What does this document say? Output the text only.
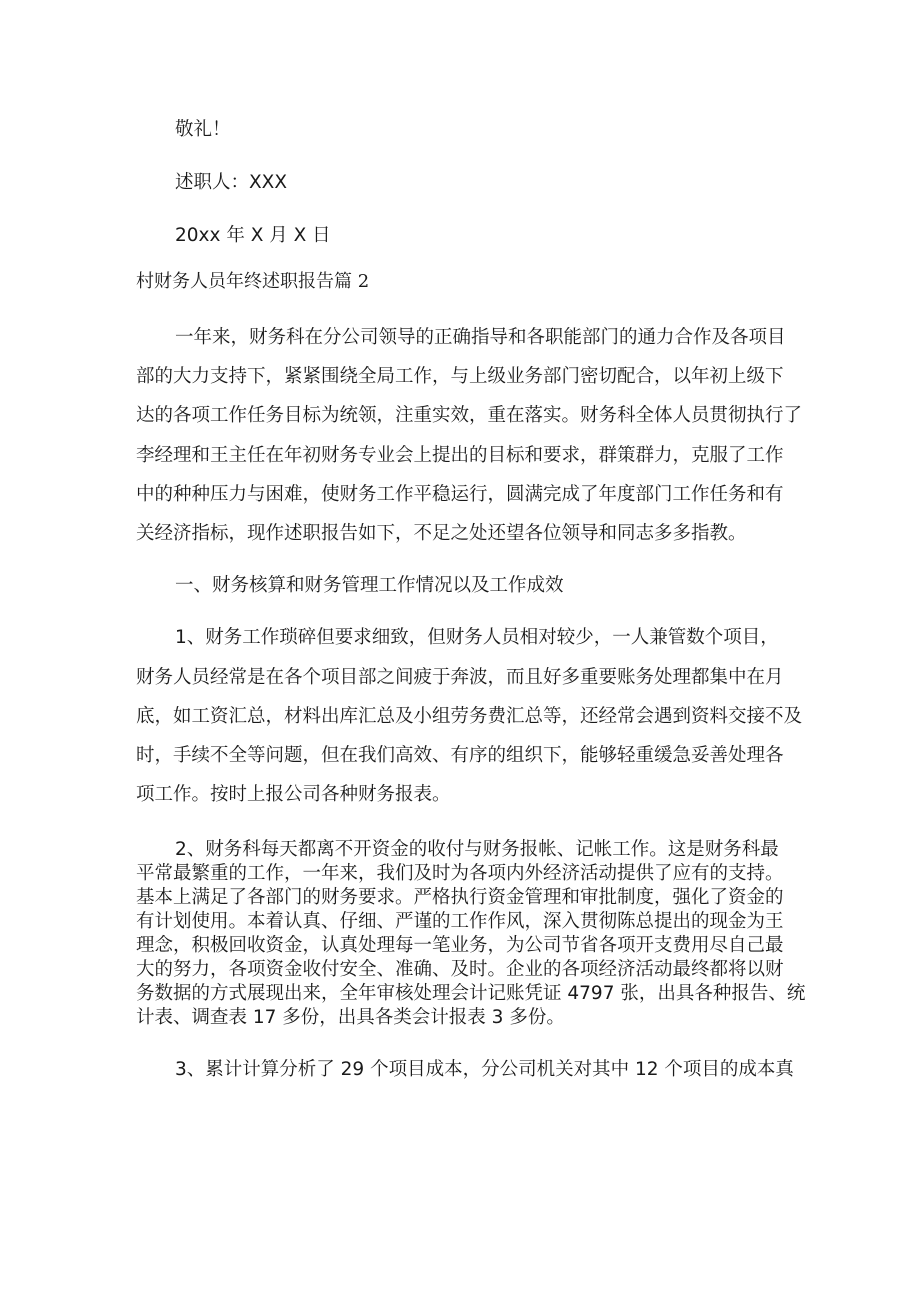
敬礼！
述职人：XXX
20xx 年 X 月 X 日
村财务人员年终述职报告篇 2
一年来，财务科在分公司领导的正确指导和各职能部门的通力合作及各项目
部的大力支持下，紧紧围绕全局工作，与上级业务部门密切配合，以年初上级下
达的各项工作任务目标为统领，注重实效，重在落实。财务科全体人员贯彻执行了
李经理和王主任在年初财务专业会上提出的目标和要求，群策群力，克服了工作
中的种种压力与困难，使财务工作平稳运行，圆满完成了年度部门工作任务和有
关经济指标，现作述职报告如下，不足之处还望各位领导和同志多多指教。
一、财务核算和财务管理工作情况以及工作成效
1、财务工作琐碎但要求细致，但财务人员相对较少，一人兼管数个项目，
财务人员经常是在各个项目部之间疲于奔波，而且好多重要账务处理都集中在月
底，如工资汇总，材料出库汇总及小组劳务费汇总等，还经常会遇到资料交接不及
时，手续不全等问题，但在我们高效、有序的组织下，能够轻重缓急妥善处理各
项工作。按时上报公司各种财务报表。
2、财务科每天都离不开资金的收付与财务报帐、记帐工作。这是财务科最
平常最繁重的工作，一年来，我们及时为各项内外经济活动提供了应有的支持。
基本上满足了各部门的财务要求。严格执行资金管理和审批制度，强化了资金的
有计划使用。本着认真、仔细、严谨的工作作风，深入贯彻陈总提出的现金为王
理念，积极回收资金，认真处理每一笔业务，为公司节省各项开支费用尽自己最
大的努力，各项资金收付安全、准确、及时。企业的各项经济活动最终都将以财
务数据的方式展现出来，全年审核处理会计记账凭证 4797 张，出具各种报告、统
计表、调查表 17 多份，出具各类会计报表 3 多份。
3、累计计算分析了 29 个项目成本，分公司机关对其中 12 个项目的成本真
